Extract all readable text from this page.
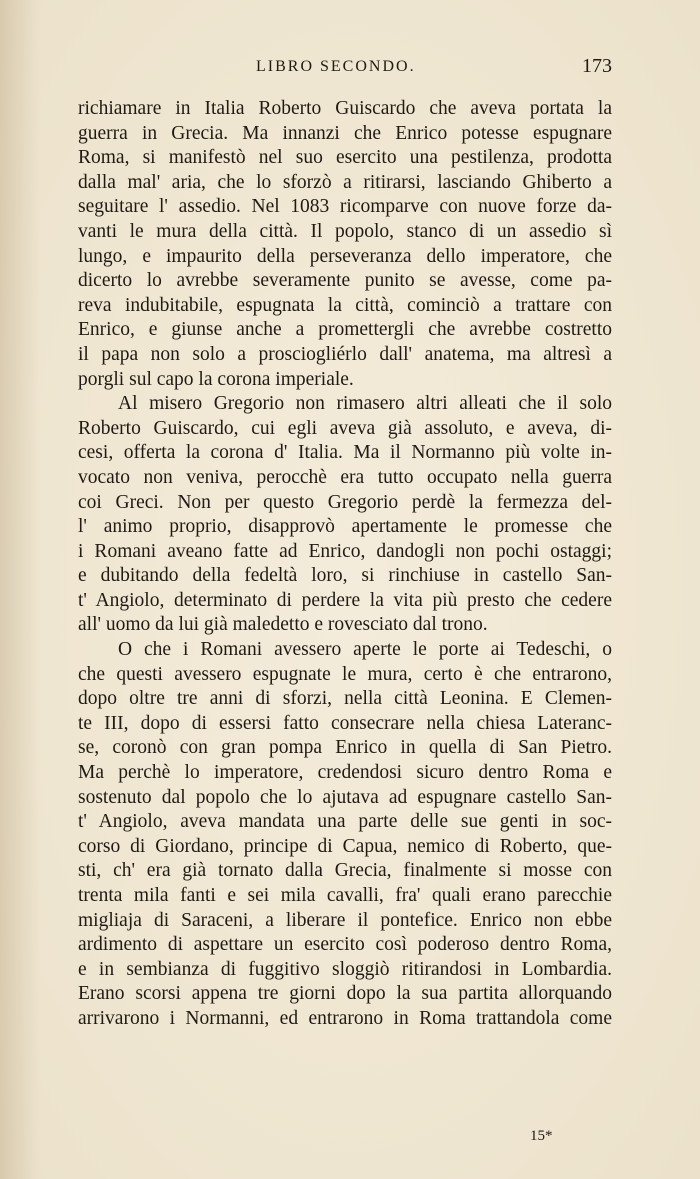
LIBRO SECONDO.	173
richiamare in Italia Roberto Guiscardo che aveva portata la
guerra in Grecia. Ma innanzi che Enrico potesse espugnare
Roma, si manifestò nel suo esercito una pestilenza, prodotta
dalla mal' aria, che lo sforzò a ritirarsi, lasciando Ghiberto a
seguitare l' assedio. Nel 1083 ricomparve con nuove forze da-
vanti le mura della città. Il popolo, stanco di un assedio sì
lungo, e impaurito della perseveranza dello imperatore, che
dicerto lo avrebbe severamente punito se avesse, come pa-
reva indubitabile, espugnata la città, cominciò a trattare con
Enrico, e giunse anche a promettergli che avrebbe costretto
il papa non solo a prosciogliérlo dall' anatema, ma altresì a
porgli sul capo la corona imperiale.
Al misero Gregorio non rimasero altri alleati che il solo
Roberto Guiscardo, cui egli aveva già assoluto, e aveva, di-
cesi, offerta la corona d' Italia. Ma il Normanno più volte in-
vocato non veniva, perocchè era tutto occupato nella guerra
coi Greci. Non per questo Gregorio perdè la fermezza del-
l' animo proprio, disapprovò apertamente le promesse che
i Romani aveano fatte ad Enrico, dandogli non pochi ostaggi;
e dubitando della fedeltà loro, si rinchiuse in castello San-
t' Angiolo, determinato di perdere la vita più presto che cedere
all' uomo da lui già maledetto e rovesciato dal trono.
O che i Romani avessero aperte le porte ai Tedeschi, o
che questi avessero espugnate le mura, certo è che entrarono,
dopo oltre tre anni di sforzi, nella città Leonina. E Clemen-
te III, dopo di essersi fatto consecrare nella chiesa Lateranc-
se, coronò con gran pompa Enrico in quella di San Pietro.
Ma perchè lo imperatore, credendosi sicuro dentro Roma e
sostenuto dal popolo che lo ajutava ad espugnare castello San-
t' Angiolo, aveva mandata una parte delle sue genti in soc-
corso di Giordano, principe di Capua, nemico di Roberto, que-
sti, ch' era già tornato dalla Grecia, finalmente si mosse con
trenta mila fanti e sei mila cavalli, fra' quali erano parecchie
migliaja di Saraceni, a liberare il pontefice. Enrico non ebbe
ardimento di aspettare un esercito così poderoso dentro Roma,
e in sembianza di fuggitivo sloggiò ritirandosi in Lombardia.
Erano scorsi appena tre giorni dopo la sua partita allorquando
arrivarono i Normanni, ed entrarono in Roma trattandola come
15*
